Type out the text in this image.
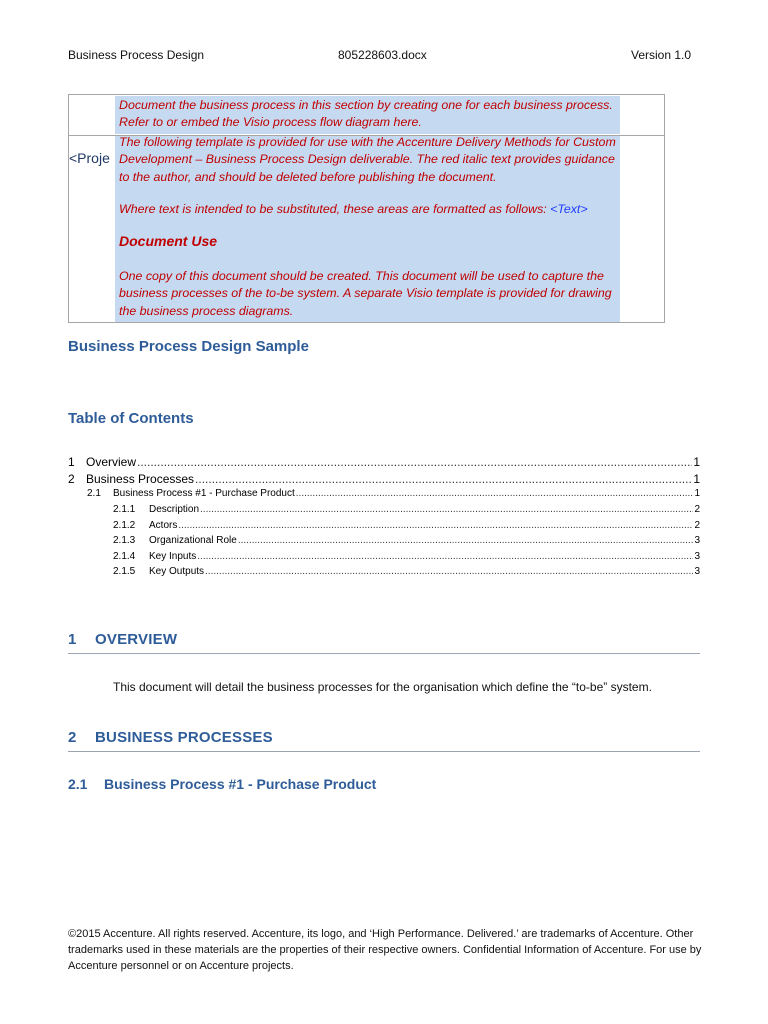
Business Process Design	805228603.docx	Version 1.0
Document the business process in this section by creating one for each business process. Refer to or embed the Visio process flow diagram here.
<Proje
The following template is provided for use with the Accenture Delivery Methods for Custom Development – Business Process Design deliverable. The red italic text provides guidance to the author, and should be deleted before publishing the document.
Where text is intended to be substituted, these areas are formatted as follows: <Text>
Document Use
One copy of this document should be created. This document will be used to capture the business processes of the to-be system. A separate Visio template is provided for drawing the business process diagrams.
Business Process Design Sample
Table of Contents
1 Overview .....	1
2 Business Processes .....	1
2.1	Business Process #1 - Purchase Product .....	1
2.1.1	Description .....	2
2.1.2	Actors .....	2
2.1.3	Organizational Role .....	3
2.1.4	Key Inputs .....	3
2.1.5	Key Outputs .....	3
1 OVERVIEW
This document will detail the business processes for the organisation which define the “to-be” system.
2 BUSINESS PROCESSES
2.1 Business Process #1 - Purchase Product
©2015 Accenture. All rights reserved. Accenture, its logo, and ‘High Performance. Delivered.’ are trademarks of Accenture. Other trademarks used in these materials are the properties of their respective owners. Confidential Information of Accenture. For use by Accenture personnel or on Accenture projects.
